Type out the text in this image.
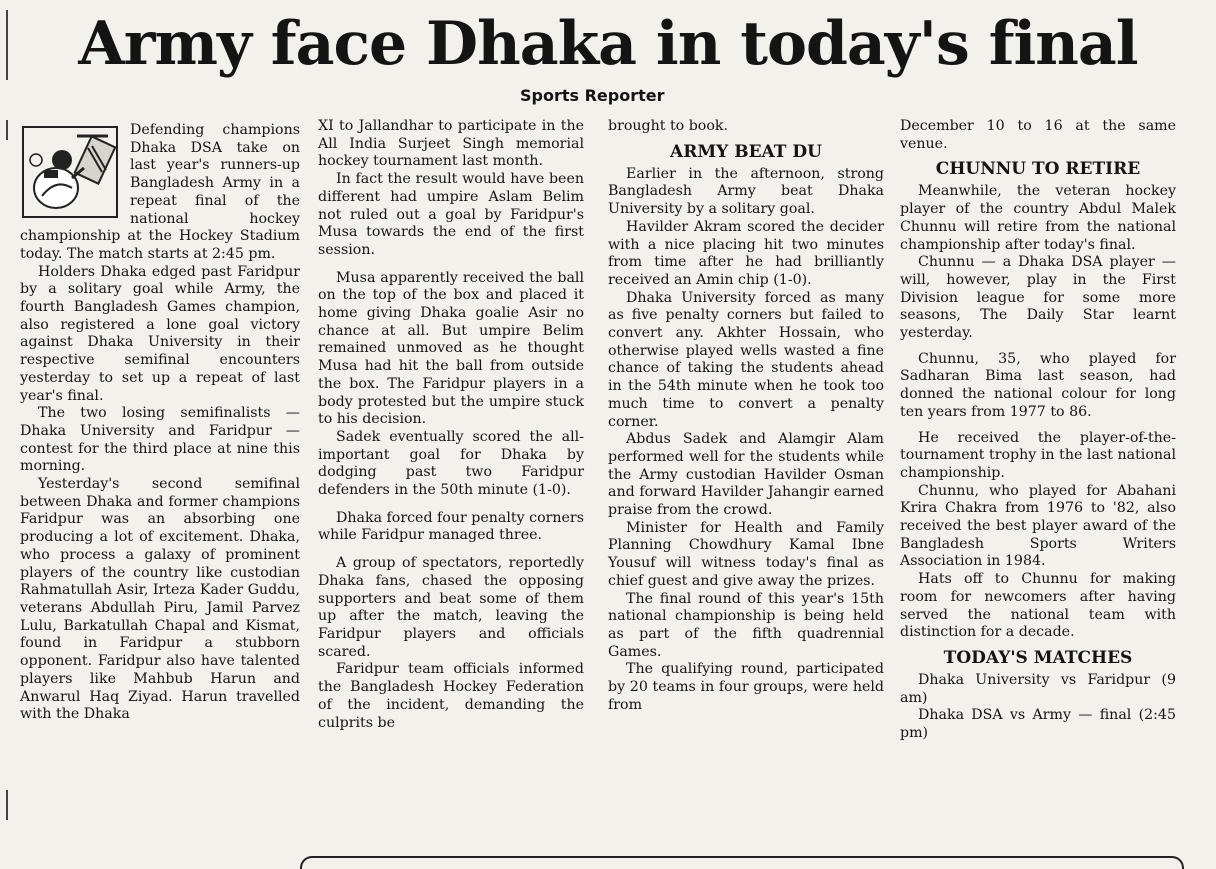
Army face Dhaka in today's final
Sports Reporter

Defending champions Dhaka DSA take on last year's runners-up Bangladesh Army in a repeat final of the national hockey championship at the Hockey Stadium today. The match starts at 2:45 pm.

Holders Dhaka edged past Faridpur by a solitary goal while Army, the fourth Bangladesh Games champion, also registered a lone goal victory against Dhaka University in their respective semifinal encounters yesterday to set up a repeat of last year's final.

The two losing semifinalists — Dhaka University and Faridpur — contest for the third place at nine this morning.

Yesterday's second semifinal between Dhaka and former champions Faridpur was an absorbing one producing a lot of excitement. Dhaka, who process a galaxy of prominent players of the country like custodian Rahmatullah Asir, Irteza Kader Guddu, veterans Abdullah Piru, Jamil Parvez Lulu, Barkatullah Chapal and Kismat, found in Faridpur a stubborn opponent. Faridpur also have talented players like Mahbub Harun and Anwarul Haq Ziyad. Harun travelled with the Dhaka

XI to Jallandhar to participate in the All India Surjeet Singh memorial hockey tournament last month.

In fact the result would have been different had umpire Aslam Belim not ruled out a goal by Faridpur's Musa towards the end of the first session.

Musa apparently received the ball on the top of the box and placed it home giving Dhaka goalie Asir no chance at all. But umpire Belim remained unmoved as he thought Musa had hit the ball from outside the box. The Faridpur players in a body protested but the umpire stuck to his decision.

Sadek eventually scored the all-important goal for Dhaka by dodging past two Faridpur defenders in the 50th minute (1-0).

Dhaka forced four penalty corners while Faridpur managed three.

A group of spectators, reportedly Dhaka fans, chased the opposing supporters and beat some of them up after the match, leaving the Faridpur players and officials scared.

Faridpur team officials informed the Bangladesh Hockey Federation of the incident, demanding the culprits be

brought to book.

ARMY BEAT DU

Earlier in the afternoon, strong Bangladesh Army beat Dhaka University by a solitary goal.

Havilder Akram scored the decider with a nice placing hit two minutes from time after he had brilliantly received an Amin chip (1-0).

Dhaka University forced as many as five penalty corners but failed to convert any. Akhter Hossain, who otherwise played wells wasted a fine chance of taking the students ahead in the 54th minute when he took too much time to convert a penalty corner.

Abdus Sadek and Alamgir Alam performed well for the students while the Army custodian Havilder Osman and forward Havilder Jahangir earned praise from the crowd.

Minister for Health and Family Planning Chowdhury Kamal Ibne Yousuf will witness today's final as chief guest and give away the prizes.

The final round of this year's 15th national championship is being held as part of the fifth quadrennial Games.

The qualifying round, participated by 20 teams in four groups, were held from

December 10 to 16 at the same venue.

CHUNNU TO RETIRE

Meanwhile, the veteran hockey player of the country Abdul Malek Chunnu will retire from the national championship after today's final.

Chunnu — a Dhaka DSA player — will, however, play in the First Division league for some more seasons, The Daily Star learnt yesterday.

Chunnu, 35, who played for Sadharan Bima last season, had donned the national colour for long ten years from 1977 to 86.

He received the player-of-the-tournament trophy in the last national championship.

Chunnu, who played for Abahani Krira Chakra from 1976 to '82, also received the best player award of the Bangladesh Sports Writers Association in 1984.

Hats off to Chunnu for making room for newcomers after having served the national team with distinction for a decade.

TODAY'S MATCHES

Dhaka University vs Faridpur (9 am)

Dhaka DSA vs Army — final (2:45 pm)
